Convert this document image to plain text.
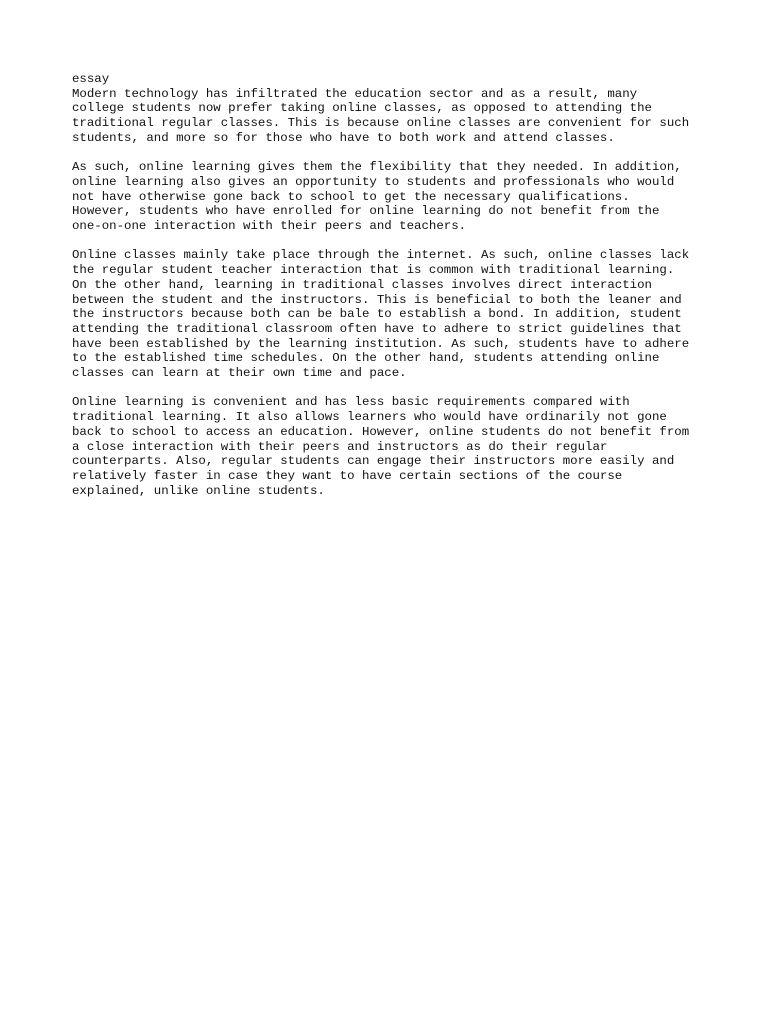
essay
Modern technology has infiltrated the education sector and as a result, many
college students now prefer taking online classes, as opposed to attending the
traditional regular classes. This is because online classes are convenient for such
students, and more so for those who have to both work and attend classes.
As such, online learning gives them the flexibility that they needed. In addition,
online learning also gives an opportunity to students and professionals who would
not have otherwise gone back to school to get the necessary qualifications.
However, students who have enrolled for online learning do not benefit from the
one-on-one interaction with their peers and teachers.
Online classes mainly take place through the internet. As such, online classes lack
the regular student teacher interaction that is common with traditional learning.
On the other hand, learning in traditional classes involves direct interaction
between the student and the instructors. This is beneficial to both the leaner and
the instructors because both can be bale to establish a bond. In addition, student
attending the traditional classroom often have to adhere to strict guidelines that
have been established by the learning institution. As such, students have to adhere
to the established time schedules. On the other hand, students attending online
classes can learn at their own time and pace.
Online learning is convenient and has less basic requirements compared with
traditional learning. It also allows learners who would have ordinarily not gone
back to school to access an education. However, online students do not benefit from
a close interaction with their peers and instructors as do their regular
counterparts. Also, regular students can engage their instructors more easily and
relatively faster in case they want to have certain sections of the course
explained, unlike online students.
